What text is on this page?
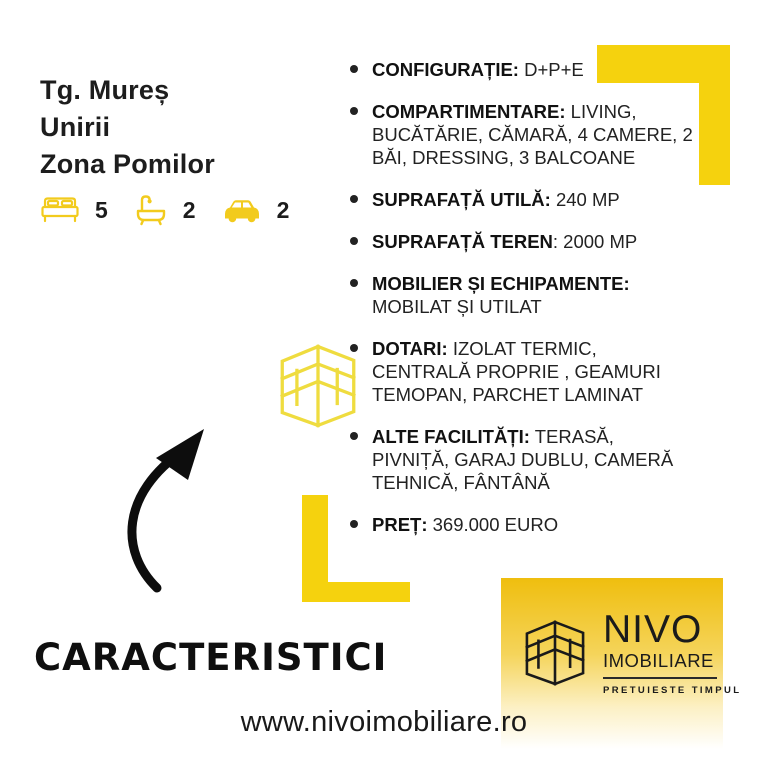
Tg. Mureș
Unirii
Zona Pomilor
5	2	2
CONFIGURAȚIE: D+P+E
COMPARTIMENTARE: LIVING, BUCĂTĂRIE, CĂMARĂ, 4 CAMERE, 2 BĂI, DRESSING, 3 BALCOANE
SUPRAFAȚĂ UTILĂ: 240 MP
SUPRAFAȚĂ TEREN: 2000 MP
MOBILIER ȘI ECHIPAMENTE: MOBILAT ȘI UTILAT
DOTARI: IZOLAT TERMIC, CENTRALĂ PROPRIE , GEAMURI TEMOPAN, PARCHET LAMINAT
ALTE FACILITĂȚI: TERASĂ, PIVNIȚĂ, GARAJ DUBLU, CAMERĂ TEHNICĂ, FÂNTÂNĂ
PREȚ: 369.000 EURO
CARACTERISTICI
NIVO
IMOBILIARE
PRETUIESTE TIMPUL
www.nivoimobiliare.ro
